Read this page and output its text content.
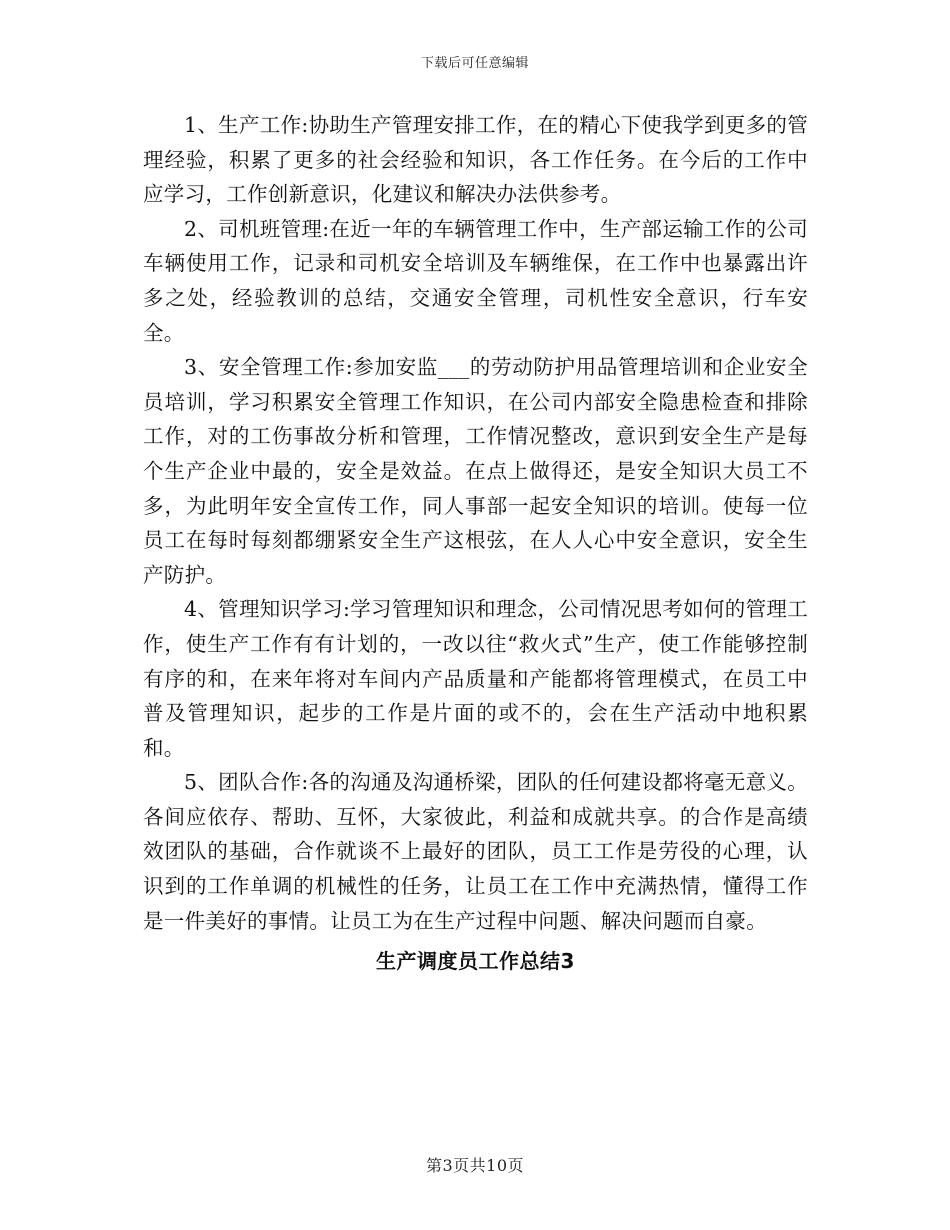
下载后可任意编辑

1、生产工作:协助生产管理安排工作，在的精心下使我学到更多的管理经验，积累了更多的社会经验和知识，各工作任务。在今后的工作中应学习，工作创新意识，化建议和解决办法供参考。

2、司机班管理:在近一年的车辆管理工作中，生产部运输工作的公司车辆使用工作，记录和司机安全培训及车辆维保，在工作中也暴露出许多之处，经验教训的总结，交通安全管理，司机性安全意识，行车安全。

3、安全管理工作:参加安监___的劳动防护用品管理培训和企业安全员培训，学习积累安全管理工作知识，在公司内部安全隐患检查和排除工作，对的工伤事故分析和管理，工作情况整改，意识到安全生产是每个生产企业中最的，安全是效益。在点上做得还，是安全知识大员工不多，为此明年安全宣传工作，同人事部一起安全知识的培训。使每一位员工在每时每刻都绷紧安全生产这根弦，在人人心中安全意识，安全生产防护。

4、管理知识学习:学习管理知识和理念，公司情况思考如何的管理工作，使生产工作有有计划的，一改以往“救火式”生产，使工作能够控制有序的和，在来年将对车间内产品质量和产能都将管理模式，在员工中普及管理知识，起步的工作是片面的或不的，会在生产活动中地积累和。

5、团队合作:各的沟通及沟通桥梁，团队的任何建设都将毫无意义。各间应依存、帮助、互怀，大家彼此，利益和成就共享。的合作是高绩效团队的基础，合作就谈不上最好的团队，员工工作是劳役的心理，认识到的工作单调的机械性的任务，让员工在工作中充满热情，懂得工作是一件美好的事情。让员工为在生产过程中问题、解决问题而自豪。

生产调度员工作总结3
第3页共10页
